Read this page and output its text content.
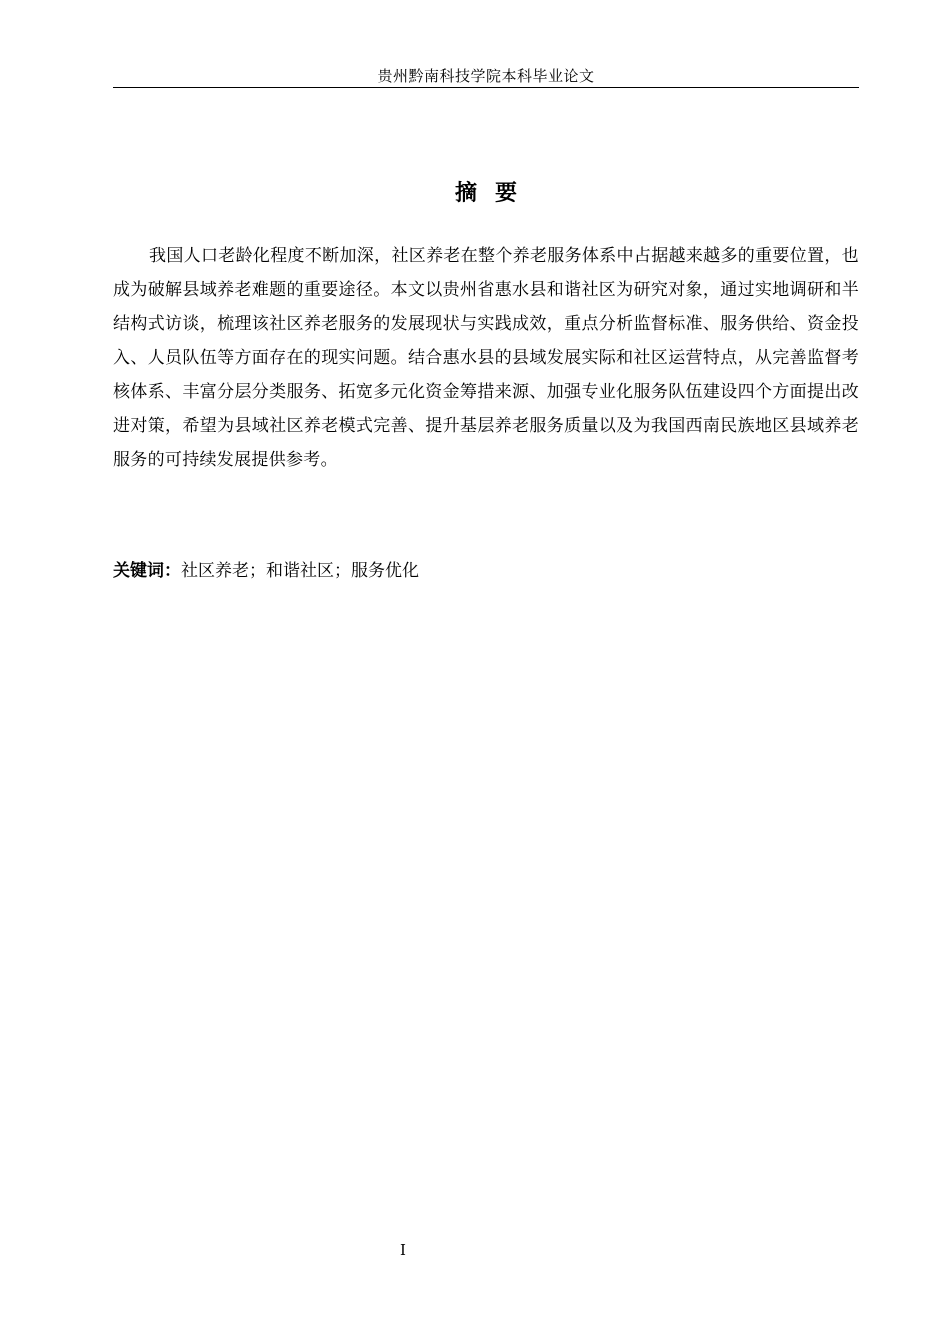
贵州黔南科技学院本科毕业论文
摘要

我国人口老龄化程度不断加深，社区养老在整个养老服务体系中占据越来越多的重要位置，也成为破解县域养老难题的重要途径。本文以贵州省惠水县和谐社区为研究对象，通过实地调研和半结构式访谈，梳理该社区养老服务的发展现状与实践成效，重点分析监督标准、服务供给、资金投入、人员队伍等方面存在的现实问题。结合惠水县的县域发展实际和社区运营特点，从完善监督考核体系、丰富分层分类服务、拓宽多元化资金筹措来源、加强专业化服务队伍建设四个方面提出改进对策，希望为县域社区养老模式完善、提升基层养老服务质量以及为我国西南民族地区县域养老服务的可持续发展提供参考。

关键词：社区养老；和谐社区；服务优化
I
